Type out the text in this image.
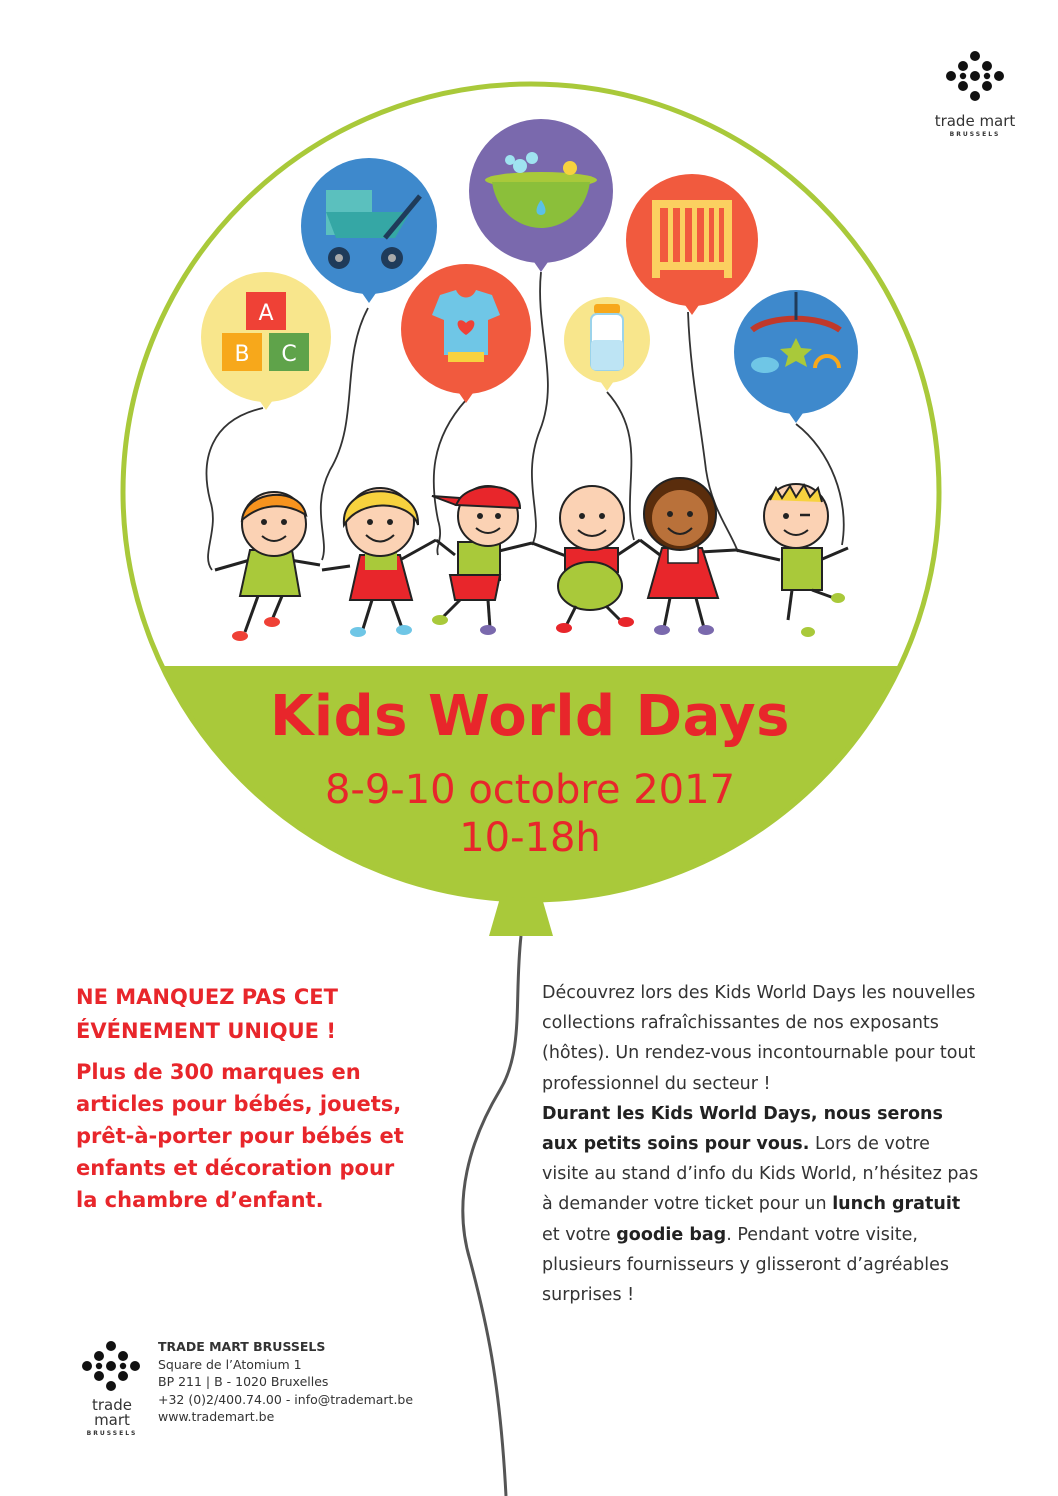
A
B C
trade mart
BRUSSELS
Kids World Days
8-9-10 octobre 2017
10-18h
NE MANQUEZ PAS CET
ÉVÉNEMENT UNIQUE !
Plus de 300 marques en
articles pour bébés, jouets,
prêt-à-porter pour bébés et
enfants et décoration pour
la chambre d’enfant.
Découvrez lors des Kids World Days les nouvelles collections rafraîchissantes de nos exposants (hôtes). Un rendez-vous incontournable pour tout professionnel du secteur !
Durant les Kids World Days, nous serons aux petits soins pour vous. Lors de votre visite au stand d’info du Kids World, n’hésitez pas à demander votre ticket pour un lunch gratuit et votre goodie bag. Pendant votre visite, plusieurs fournisseurs y glisseront d’agréables surprises !
trade mart
BRUSSELS
TRADE MART BRUSSELS
Square de l’Atomium 1
BP 211 | B - 1020 Bruxelles
+32 (0)2/400.74.00 - info@trademart.be
www.trademart.be
